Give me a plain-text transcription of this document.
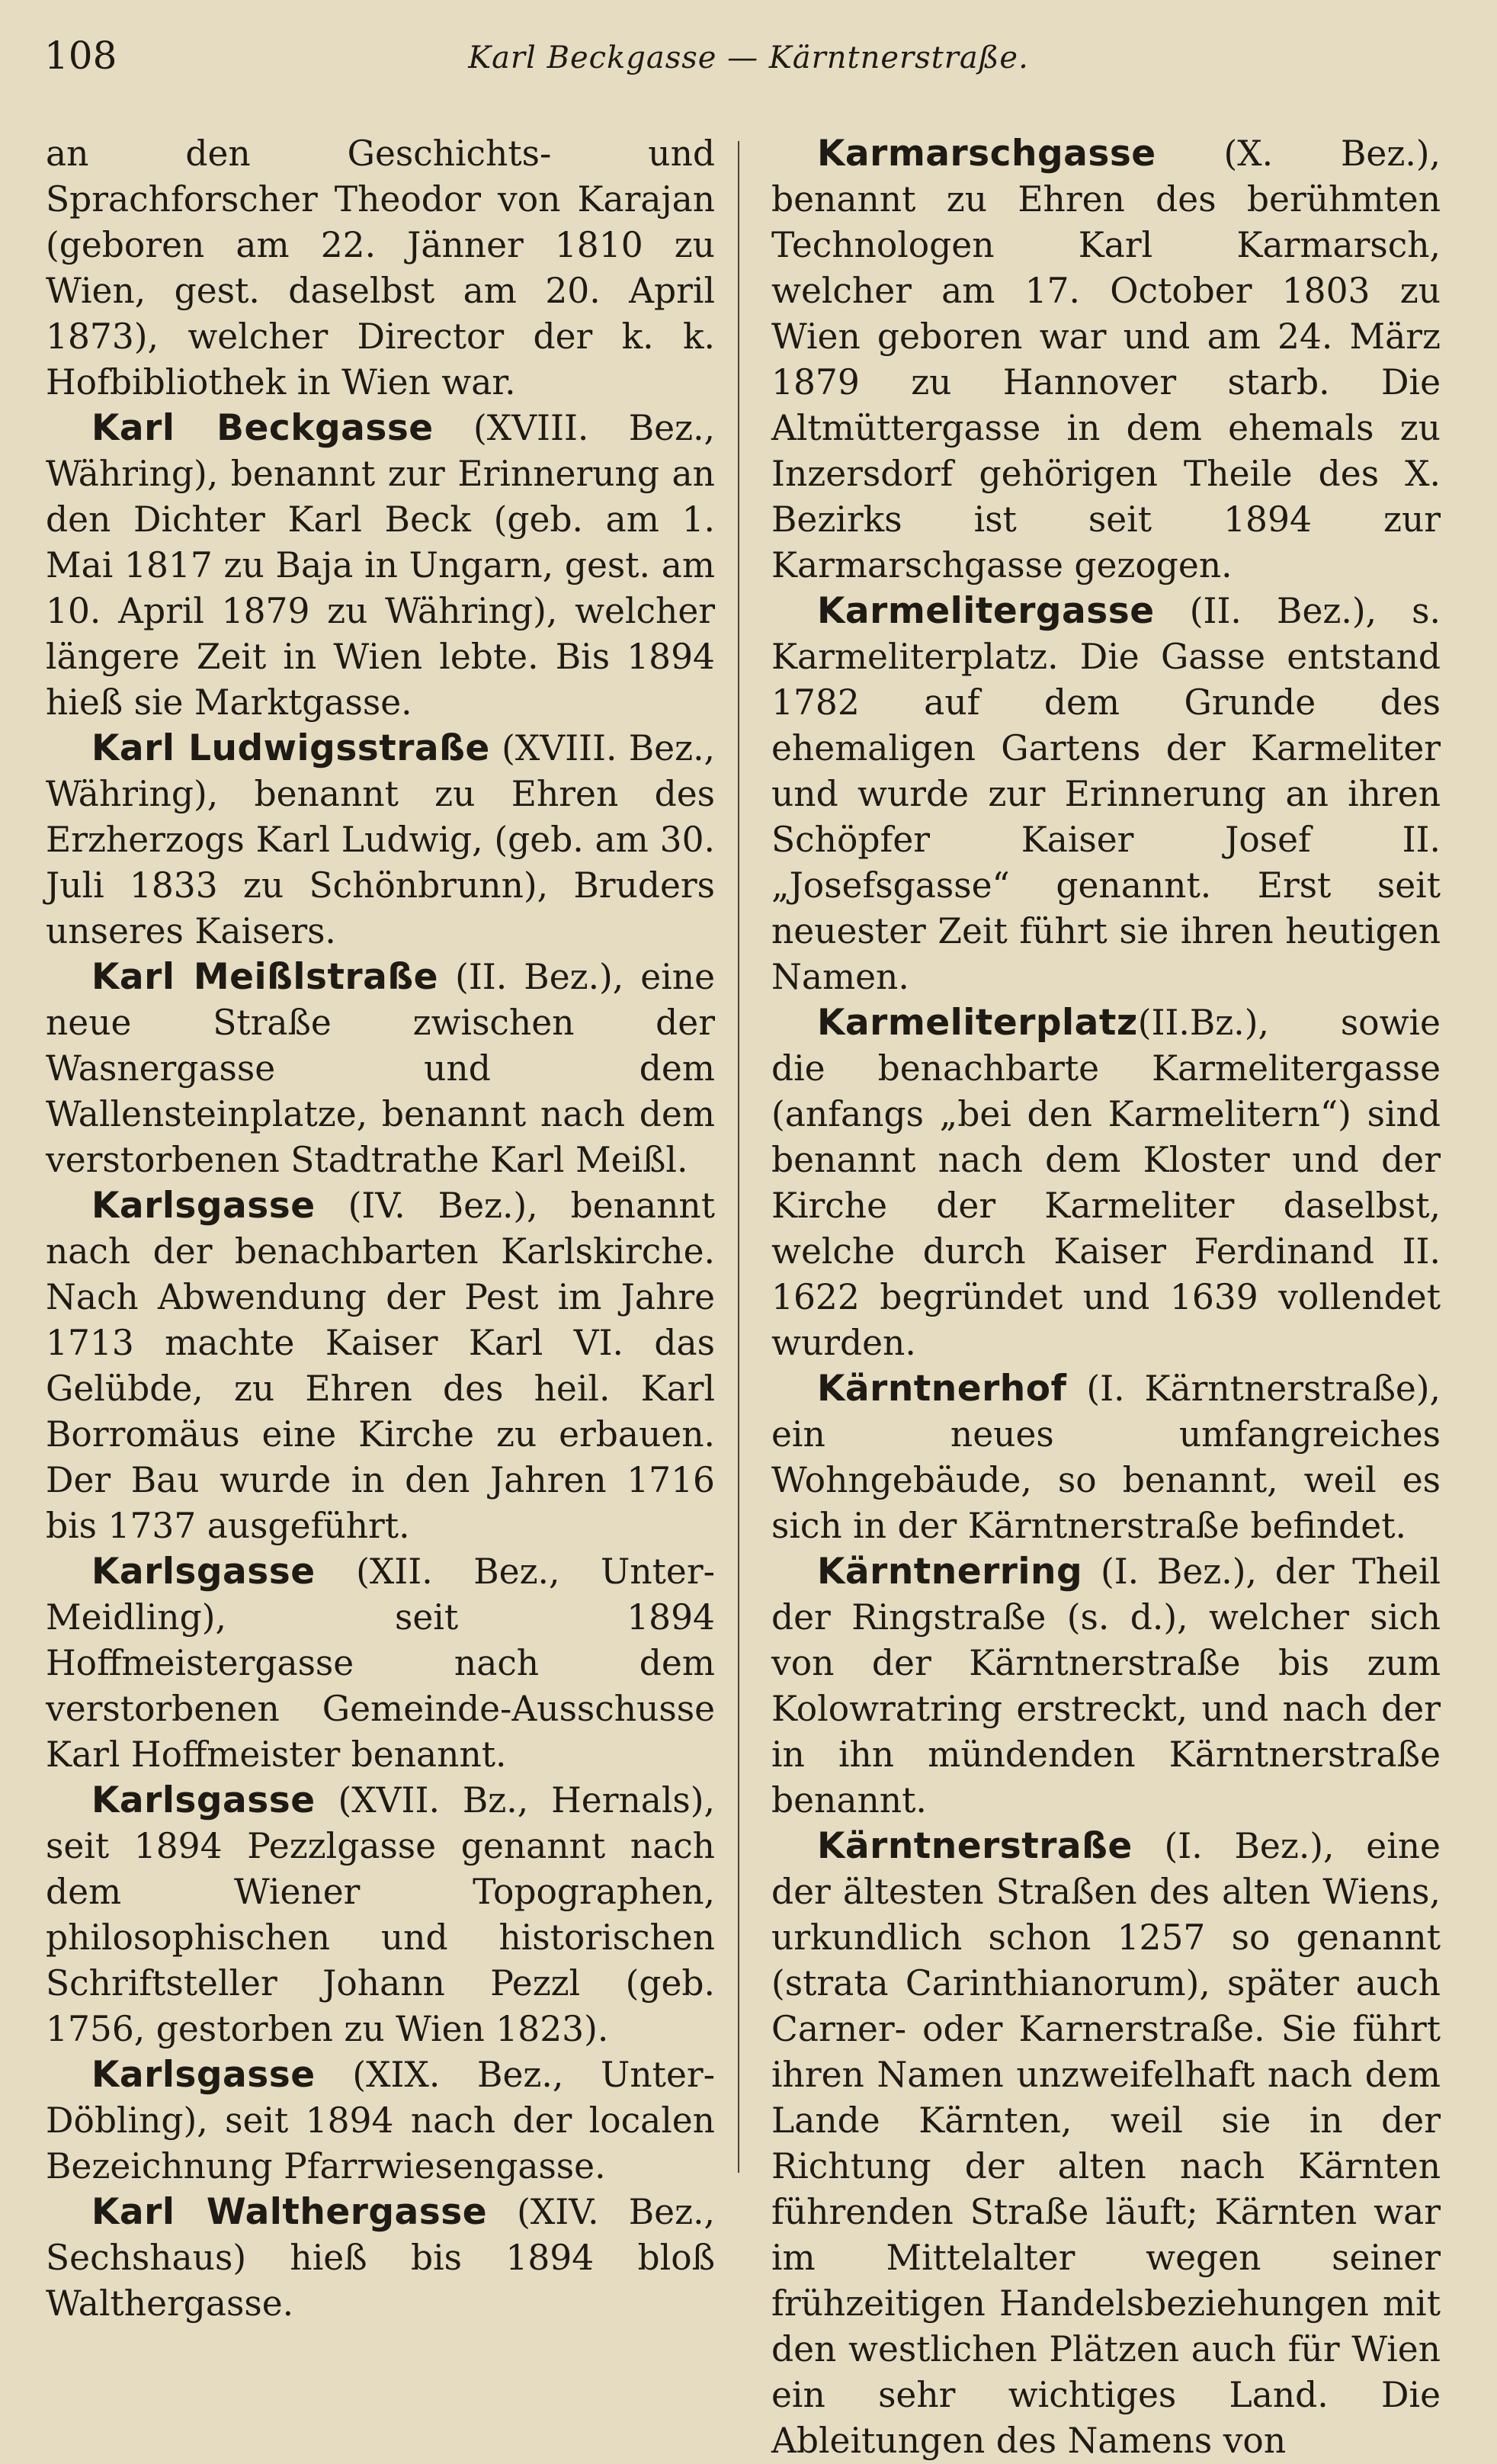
108	Karl Beckgasse — Kärntnerstraße.

an den Geschichts- und Sprachforscher Theodor von Karajan (geboren am 22. Jänner 1810 zu Wien, gest. daselbst am 20. April 1873), welcher Director der k. k. Hofbibliothek in Wien war.

Karl Beckgasse (XVIII. Bez., Währing), benannt zur Erinnerung an den Dichter Karl Beck (geb. am 1. Mai 1817 zu Baja in Ungarn, gest. am 10. April 1879 zu Währing), welcher längere Zeit in Wien lebte. Bis 1894 hieß sie Marktgasse.

Karl Ludwigsstraße (XVIII. Bez., Währing), benannt zu Ehren des Erzherzogs Karl Ludwig, (geb. am 30. Juli 1833 zu Schönbrunn), Bruders unseres Kaisers.

Karl Meißlstraße (II. Bez.), eine neue Straße zwischen der Wasnergasse und dem Wallensteinplatze, benannt nach dem verstorbenen Stadtrathe Karl Meißl.

Karlsgasse (IV. Bez.), benannt nach der benachbarten Karlskirche. Nach Abwendung der Pest im Jahre 1713 machte Kaiser Karl VI. das Gelübde, zu Ehren des heil. Karl Borromäus eine Kirche zu erbauen. Der Bau wurde in den Jahren 1716 bis 1737 ausgeführt.

Karlsgasse (XII. Bez., Unter-Meidling), seit 1894 Hoffmeistergasse nach dem verstorbenen Gemeinde-Ausschusse Karl Hoffmeister benannt.

Karlsgasse (XVII. Bz., Hernals), seit 1894 Pezzlgasse genannt nach dem Wiener Topographen, philosophischen und historischen Schriftsteller Johann Pezzl (geb. 1756, gestorben zu Wien 1823).

Karlsgasse (XIX. Bez., Unter-Döbling), seit 1894 nach der localen Bezeichnung Pfarrwiesengasse.

Karl Walthergasse (XIV. Bez., Sechshaus) hieß bis 1894 bloß Walthergasse.

Karmarschgasse (X. Bez.), benannt zu Ehren des berühmten Technologen Karl Karmarsch, welcher am 17. October 1803 zu Wien geboren war und am 24. März 1879 zu Hannover starb. Die Altmüttergasse in dem ehemals zu Inzersdorf gehörigen Theile des X. Bezirks ist seit 1894 zur Karmarschgasse gezogen.

Karmelitergasse (II. Bez.), s. Karmeliterplatz. Die Gasse entstand 1782 auf dem Grunde des ehemaligen Gartens der Karmeliter und wurde zur Erinnerung an ihren Schöpfer Kaiser Josef II. „Josefsgasse“ genannt. Erst seit neuester Zeit führt sie ihren heutigen Namen.

Karmeliterplatz(II.Bz.), sowie die benachbarte Karmelitergasse (anfangs „bei den Karmelitern“) sind benannt nach dem Kloster und der Kirche der Karmeliter daselbst, welche durch Kaiser Ferdinand II. 1622 begründet und 1639 vollendet wurden.

Kärntnerhof (I. Kärntnerstraße), ein neues umfangreiches Wohngebäude, so benannt, weil es sich in der Kärntnerstraße befindet.

Kärntnerring (I. Bez.), der Theil der Ringstraße (s. d.), welcher sich von der Kärntnerstraße bis zum Kolowratring erstreckt, und nach der in ihn mündenden Kärntnerstraße benannt.

Kärntnerstraße (I. Bez.), eine der ältesten Straßen des alten Wiens, urkundlich schon 1257 so genannt (strata Carinthianorum), später auch Carner- oder Karnerstraße. Sie führt ihren Namen unzweifelhaft nach dem Lande Kärnten, weil sie in der Richtung der alten nach Kärnten führenden Straße läuft; Kärnten war im Mittelalter wegen seiner frühzeitigen Handelsbeziehungen mit den westlichen Plätzen auch für Wien ein sehr wichtiges Land. Die Ableitungen des Namens von
